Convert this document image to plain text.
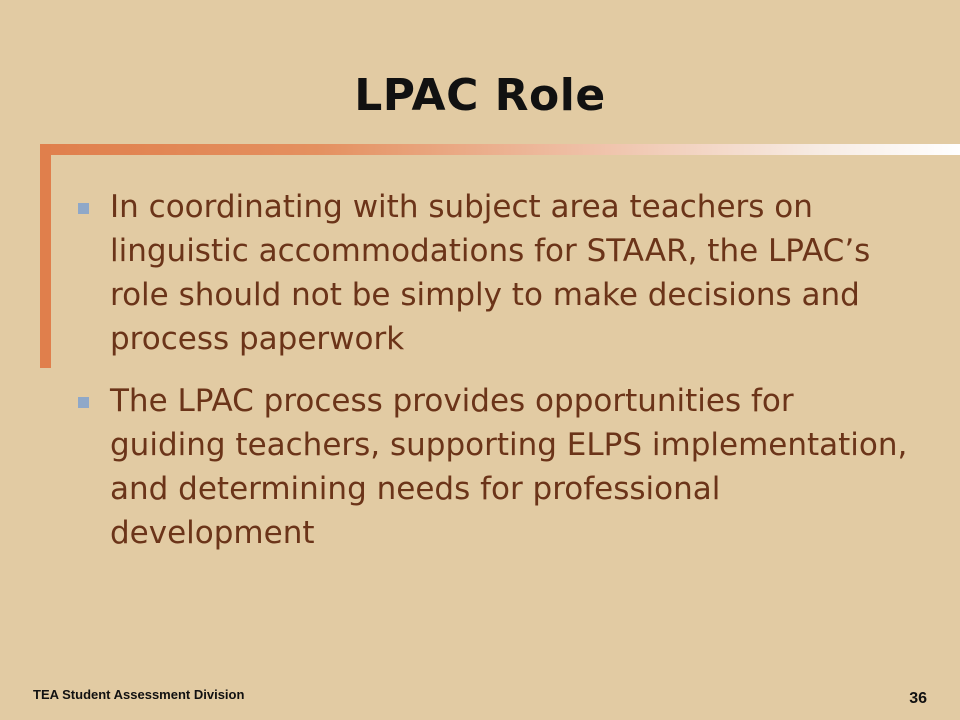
LPAC Role
In coordinating with subject area teachers on linguistic accommodations for STAAR, the LPAC’s role should not be simply to make decisions and process paperwork
The LPAC process provides opportunities for guiding teachers, supporting ELPS implementation, and determining needs for professional development
TEA Student Assessment Division	36
